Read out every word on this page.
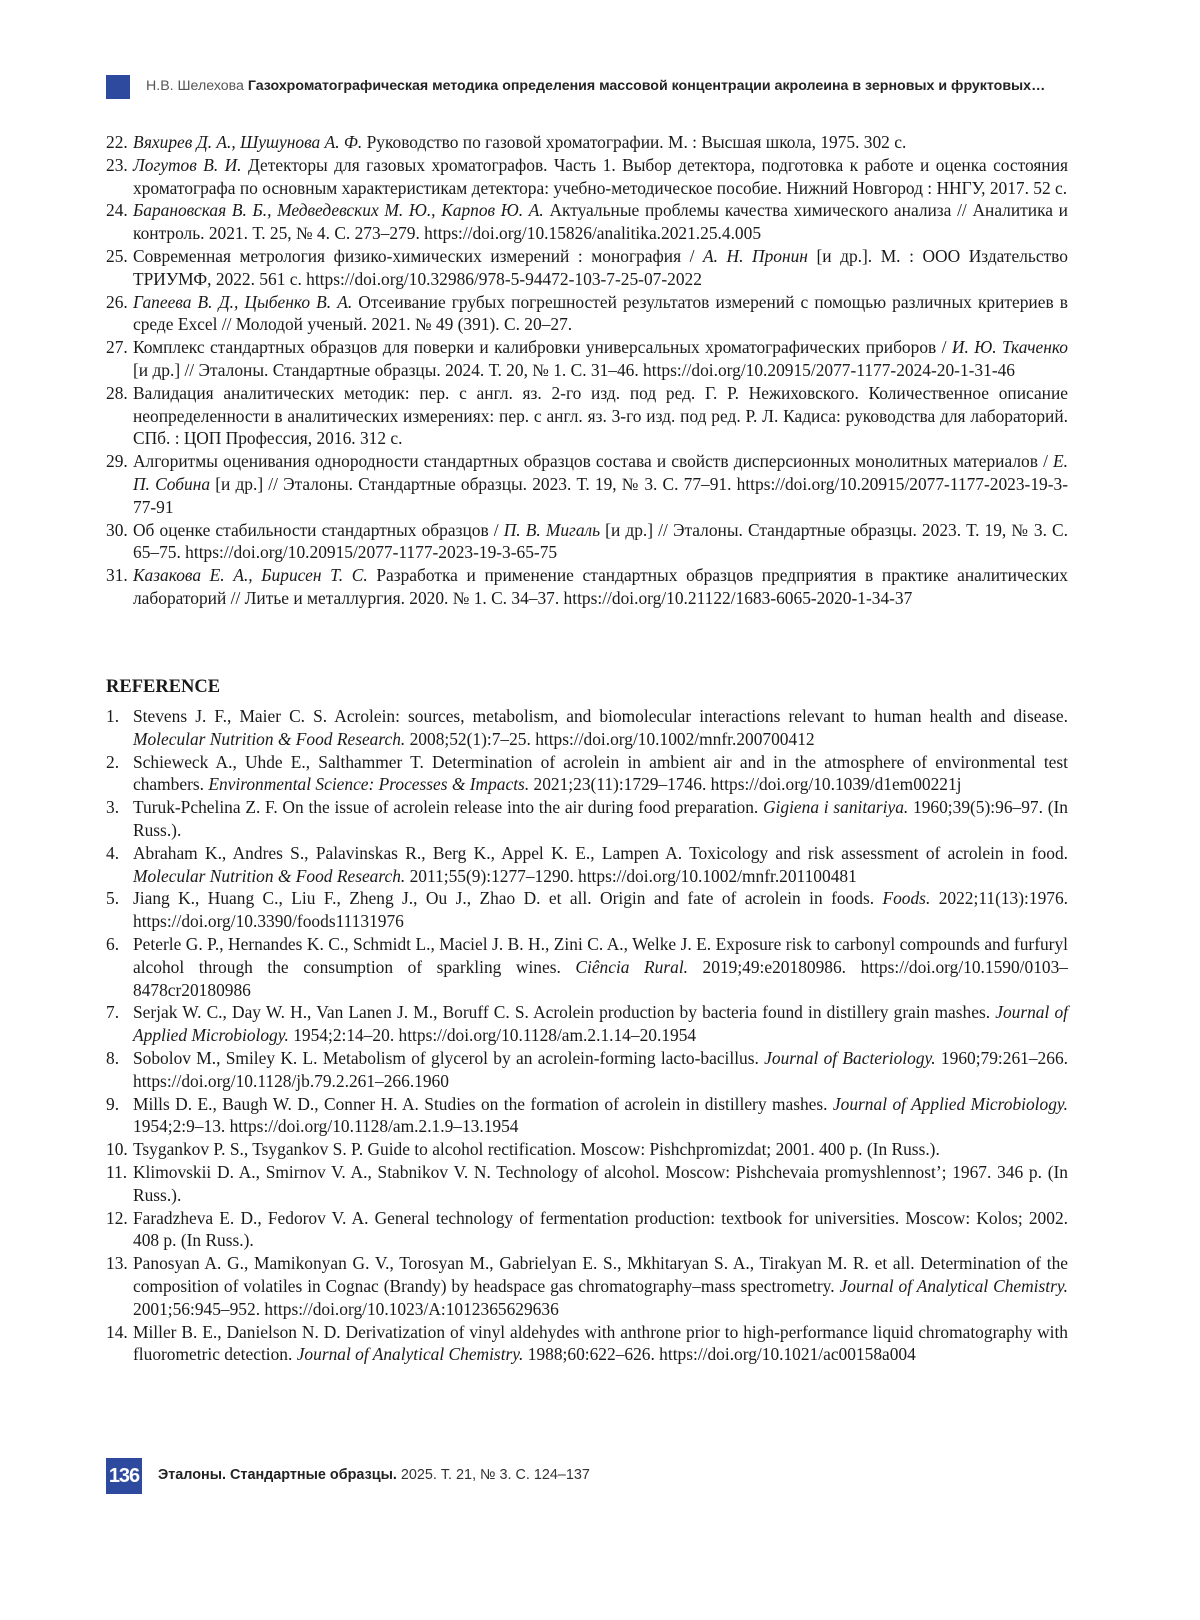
Н.В. Шелехова Газохроматографическая методика определения массовой концентрации акролеина в зерновых и фруктовых…
22. Вяхирев Д. А., Шушунова А. Ф. Руководство по газовой хроматографии. М. : Высшая школа, 1975. 302 с.
23. Логутов В. И. Детекторы для газовых хроматографов. Часть 1. Выбор детектора, подготовка к работе и оценка состояния хроматографа по основным характеристикам детектора: учебно-методическое пособие. Нижний Новгород : ННГУ, 2017. 52 с.
24. Барановская В. Б., Медведевских М. Ю., Карпов Ю. А. Актуальные проблемы качества химического анализа // Аналитика и контроль. 2021. Т. 25, № 4. С. 273–279. https://doi.org/10.15826/analitika.2021.25.4.005
25. Современная метрология физико-химических измерений : монография / А. Н. Пронин [и др.]. М. : ООО Издательство ТРИУМФ, 2022. 561 с. https://doi.org/10.32986/978-5-94472-103-7-25-07-2022
26. Гапеева В. Д., Цыбенко В. А. Отсеивание грубых погрешностей результатов измерений с помощью различных критериев в среде Excel // Молодой ученый. 2021. № 49 (391). С. 20–27.
27. Комплекс стандартных образцов для поверки и калибровки универсальных хроматографических приборов / И. Ю. Ткаченко [и др.] // Эталоны. Стандартные образцы. 2024. Т. 20, № 1. С. 31–46. https://doi.org/10.20915/2077-1177-2024-20-1-31-46
28. Валидация аналитических методик: пер. с англ. яз. 2-го изд. под ред. Г. Р. Нежиховского. Количественное описание неопределенности в аналитических измерениях: пер. с англ. яз. 3-го изд. под ред. Р. Л. Кадиса: руководства для лабораторий. СПб. : ЦОП Профессия, 2016. 312 с.
29. Алгоритмы оценивания однородности стандартных образцов состава и свойств дисперсионных монолитных материалов / Е. П. Собина [и др.] // Эталоны. Стандартные образцы. 2023. Т. 19, № 3. С. 77–91. https://doi.org/10.20915/2077-1177-2023-19-3-77-91
30. Об оценке стабильности стандартных образцов / П. В. Мигаль [и др.] // Эталоны. Стандартные образцы. 2023. Т. 19, № 3. С. 65–75. https://doi.org/10.20915/2077-1177-2023-19-3-65-75
31. Казакова Е. А., Бирисен Т. С. Разработка и применение стандартных образцов предприятия в практике аналитических лабораторий // Литье и металлургия. 2020. № 1. С. 34–37. https://doi.org/10.21122/1683-6065-2020-1-34-37
REFERENCE
1. Stevens J. F., Maier C. S. Acrolein: sources, metabolism, and biomolecular interactions relevant to human health and disease. Molecular Nutrition & Food Research. 2008;52(1):7–25. https://doi.org/10.1002/mnfr.200700412
2. Schieweck A., Uhde E., Salthammer T. Determination of acrolein in ambient air and in the atmosphere of environmental test chambers. Environmental Science: Processes & Impacts. 2021;23(11):1729–1746. https://doi.org/10.1039/d1em00221j
3. Turuk-Pchelina Z. F. On the issue of acrolein release into the air during food preparation. Gigiena i sanitariya. 1960;39(5):96–97. (In Russ.).
4. Abraham K., Andres S., Palavinskas R., Berg K., Appel K. E., Lampen A. Toxicology and risk assessment of acrolein in food. Molecular Nutrition & Food Research. 2011;55(9):1277–1290. https://doi.org/10.1002/mnfr.201100481
5. Jiang K., Huang C., Liu F., Zheng J., Ou J., Zhao D. et all. Origin and fate of acrolein in foods. Foods. 2022;11(13):1976. https://doi.org/10.3390/foods11131976
6. Peterle G. P., Hernandes K. C., Schmidt L., Maciel J. B. H., Zini C. A., Welke J. E. Exposure risk to carbonyl compounds and furfuryl alcohol through the consumption of sparkling wines. Ciência Rural. 2019;49:e20180986. https://doi.org/10.1590/0103–8478cr20180986
7. Serjak W. C., Day W. H., Van Lanen J. M., Boruff C. S. Acrolein production by bacteria found in distillery grain mashes. Journal of Applied Microbiology. 1954;2:14–20. https://doi.org/10.1128/am.2.1.14–20.1954
8. Sobolov M., Smiley K. L. Metabolism of glycerol by an acrolein-forming lacto-bacillus. Journal of Bacteriology. 1960;79:261–266. https://doi.org/10.1128/jb.79.2.261–266.1960
9. Mills D. E., Baugh W. D., Conner H. A. Studies on the formation of acrolein in distillery mashes. Journal of Applied Microbiology. 1954;2:9–13. https://doi.org/10.1128/am.2.1.9–13.1954
10. Tsygankov P. S., Tsygankov S. P. Guide to alcohol rectification. Moscow: Pishchpromizdat; 2001. 400 p. (In Russ.).
11. Klimovskii D. A., Smirnov V. A., Stabnikov V. N. Technology of alcohol. Moscow: Pishchevaia promyshlennost’; 1967. 346 p. (In Russ.).
12. Faradzheva E. D., Fedorov V. A. General technology of fermentation production: textbook for universities. Moscow: Kolos; 2002. 408 p. (In Russ.).
13. Panosyan A. G., Mamikonyan G. V., Torosyan M., Gabrielyan E. S., Mkhitaryan S. A., Tirakyan M. R. et all. Determination of the composition of volatiles in Cognac (Brandy) by headspace gas chromatography–mass spectrometry. Journal of Analytical Chemistry. 2001;56:945–952. https://doi.org/10.1023/A:1012365629636
14. Miller B. E., Danielson N. D. Derivatization of vinyl aldehydes with anthrone prior to high-performance liquid chromatography with fluorometric detection. Journal of Analytical Chemistry. 1988;60:622–626. https://doi.org/10.1021/ac00158a004
136 Эталоны. Стандартные образцы. 2025. Т. 21, № 3. С. 124–137
